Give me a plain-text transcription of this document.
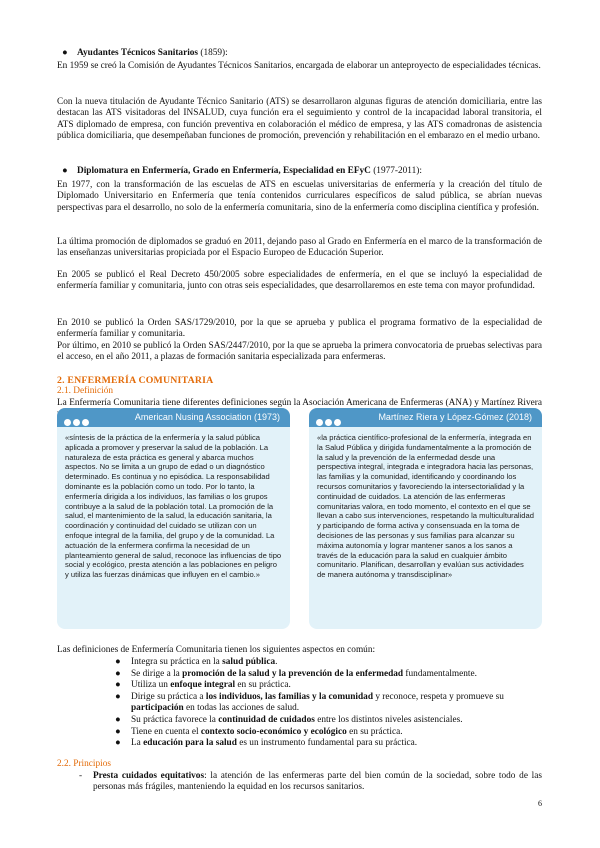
● Ayudantes Técnicos Sanitarios (1859):

En 1959 se creó la Comisión de Ayudantes Técnicos Sanitarios, encargada de elaborar un anteproyecto de especialidades técnicas.

Con la nueva titulación de Ayudante Técnico Sanitario (ATS) se desarrollaron algunas figuras de atención domiciliaria, entre las destacan las ATS visitadoras del INSALUD, cuya función era el seguimiento y control de la incapacidad laboral transitoria, el ATS diplomado de empresa, con función preventiva en colaboración el médico de empresa, y las ATS comadronas de asistencia pública domiciliaria, que desempeñaban funciones de promoción, prevención y rehabilitación en el embarazo en el medio urbano.

● Diplomatura en Enfermería, Grado en Enfermería, Especialidad en EFyC (1977-2011):

En 1977, con la transformación de las escuelas de ATS en escuelas universitarias de enfermería y la creación del título de Diplomado Universitario en Enfermería que tenía contenidos curriculares específicos de salud pública, se abrían nuevas perspectivas para el desarrollo, no solo de la enfermería comunitaria, sino de la enfermería como disciplina científica y profesión.

La última promoción de diplomados se graduó en 2011, dejando paso al Grado en Enfermería en el marco de la transformación de las enseñanzas universitarias propiciada por el Espacio Europeo de Educación Superior.

En 2005 se publicó el Real Decreto 450/2005 sobre especialidades de enfermería, en el que se incluyó la especialidad de enfermería familiar y comunitaria, junto con otras seis especialidades, que desarrollaremos en este tema con mayor profundidad.

En 2010 se publicó la Orden SAS/1729/2010, por la que se aprueba y publica el programa formativo de la especialidad de enfermería familiar y comunitaria.

Por último, en 2010 se publicó la Orden SAS/2447/2010, por la que se aprueba la primera convocatoria de pruebas selectivas para el acceso, en el año 2011, a plazas de formación sanitaria especializada para enfermeras.

2. ENFERMERÍA COMUNITARIA
2.1. Definición

La Enfermería Comunitaria tiene diferentes definiciones según la Asociación Americana de Enfermeras (ANA) y Martínez Rivera

American Nusing Association (1973)
«síntesis de la práctica de la enfermería y la salud pública aplicada a promover y preservar la salud de la población. La naturaleza de esta práctica es general y abarca muchos aspectos. No se limita a un grupo de edad o un diagnóstico determinado. Es continua y no episódica. La responsabilidad dominante es la población como un todo. Por lo tanto, la enfermería dirigida a los individuos, las familias o los grupos contribuye a la salud de la población total. La promoción de la salud, el mantenimiento de la salud, la educación sanitaria, la coordinación y continuidad del cuidado se utilizan con un enfoque integral de la familia, del grupo y de la comunidad. La actuación de la enfermera confirma la necesidad de un planteamiento general de salud, reconoce las influencias de tipo social y ecológico, presta atención a las poblaciones en peligro y utiliza las fuerzas dinámicas que influyen en el cambio.»
Martínez Riera y López-Gómez (2018)
«la práctica científico-profesional de la enfermería, integrada en la Salud Pública y dirigida fundamentalmente a la promoción de la salud y la prevención de la enfermedad desde una perspectiva integral, integrada e integradora hacia las personas, las familias y la comunidad, identificando y coordinando los recursos comunitarios y favoreciendo la intersectorialidad y la continuidad de cuidados. La atención de las enfermeras comunitarias valora, en todo momento, el contexto en el que se llevan a cabo sus intervenciones, respetando la multiculturalidad y participando de forma activa y consensuada en la toma de decisiones de las personas y sus familias para alcanzar su máxima autonomía y lograr mantener sanos a los sanos a través de la educación para la salud en cualquier ámbito comunitario. Planifican, desarrollan y evalúan sus actividades de manera autónoma y transdisciplinar»

Las definiciones de Enfermería Comunitaria tienen los siguientes aspectos en común:

● Integra su práctica en la salud pública.
● Se dirige a la promoción de la salud y la prevención de la enfermedad fundamentalmente.
● Utiliza un enfoque integral en su práctica.
● Dirige su práctica a los individuos, las familias y la comunidad y reconoce, respeta y promueve su participación en todas las acciones de salud.
● Su práctica favorece la continuidad de cuidados entre los distintos niveles asistenciales.
● Tiene en cuenta el contexto socio-económico y ecológico en su práctica.
● La educación para la salud es un instrumento fundamental para su práctica.
2.2. Principios
- Presta cuidados equitativos: la atención de las enfermeras parte del bien común de la sociedad, sobre todo de las personas más frágiles, manteniendo la equidad en los recursos sanitarios.
6
